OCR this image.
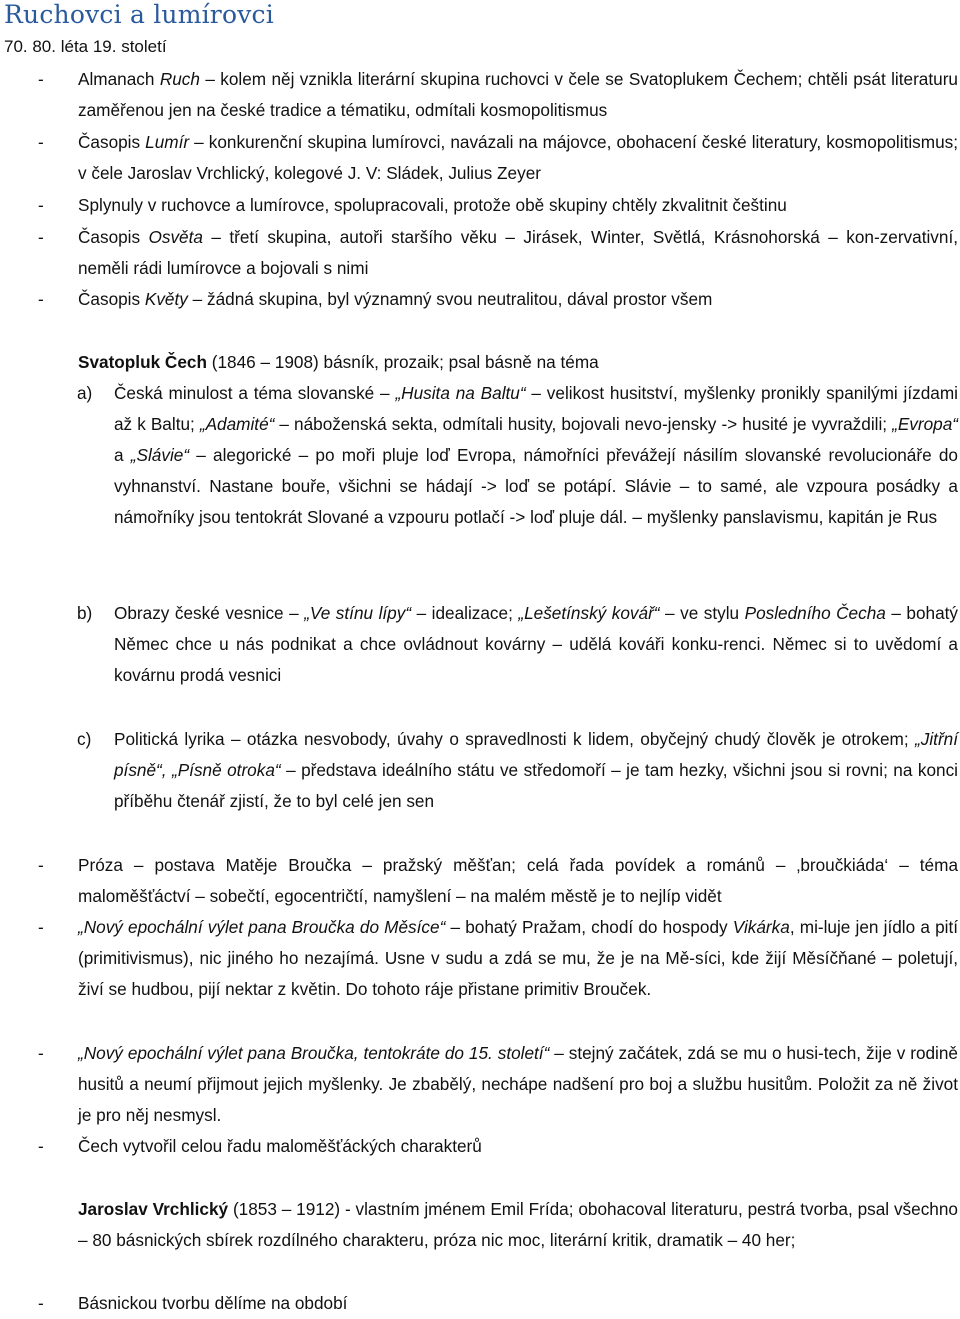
Ruchovci a lumírovci
70. 80. léta 19. století
- Almanach Ruch – kolem něj vznikla literární skupina ruchovci v čele se Svatoplukem Čechem; chtěli psát literaturu zaměřenou jen na české tradice a tématiku, odmítali kosmopolitismus
- Časopis Lumír – konkurenční skupina lumírovci, navázali na májovce, obohacení české literatury, kosmopolitismus; v čele Jaroslav Vrchlický, kolegové J. V: Sládek, Julius Zeyer
- Splynuly v ruchovce a lumírovce, spolupracovali, protože obě skupiny chtěly zkvalitnit češtinu
- Časopis Osvěta – třetí skupina, autoři staršího věku – Jirásek, Winter, Světlá, Krásnohorská – kon-zervativní, neměli rádi lumírovce a bojovali s nimi
- Časopis Květy – žádná skupina, byl významný svou neutralitou, dával prostor všem
Svatopluk Čech (1846 – 1908) básník, prozaik; psal básně na téma
a) Česká minulost a téma slovanské – „Husita na Baltu“ – velikost husitství, myšlenky pronikly spanilými jízdami až k Baltu; „Adamité“ – náboženská sekta, odmítali husity, bojovali nevo-jensky -> husité je vyvraždili; „Evropa“ a „Slávie“ – alegorické – po moři pluje loď Evropa, námořníci převážejí násilím slovanské revolucionáře do vyhnanství. Nastane bouře, všichni se hádají -> loď se potápí. Slávie – to samé, ale vzpoura posádky a námořníky jsou tentokrát Slované a vzpouru potlačí -> loď pluje dál. – myšlenky panslavismu, kapitán je Rus
b) Obrazy české vesnice – „Ve stínu lípy“ – idealizace; „Lešetínský kovář“ – ve stylu Posledního Čecha – bohatý Němec chce u nás podnikat a chce ovládnout kovárny – udělá kováři konku-renci. Němec si to uvědomí a kovárnu prodá vesnici
c) Politická lyrika – otázka nesvobody, úvahy o spravedlnosti k lidem, obyčejný chudý člověk je otrokem; „Jitřní písně“, „Písně otroka“ – představa ideálního státu ve středomoří – je tam hezky, všichni jsou si rovni; na konci příběhu čtenář zjistí, že to byl celé jen sen
- Próza – postava Matěje Broučka – pražský měšťan; celá řada povídek a románů – ‚broučkiáda‘ – téma maloměšťáctví – sobečtí, egocentričtí, namyšlení – na malém městě je to nejlíp vidět
- „Nový epochální výlet pana Broučka do Měsíce“ – bohatý Pražam, chodí do hospody Vikárka, mi-luje jen jídlo a pití (primitivismus), nic jiného ho nezajímá. Usne v sudu a zdá se mu, že je na Mě-síci, kde žijí Měsíčňané – poletují, živí se hudbou, pijí nektar z květin. Do tohoto ráje přistane primitiv Brouček.
- „Nový epochální výlet pana Broučka, tentokráte do 15. století“ – stejný začátek, zdá se mu o husi-tech, žije v rodině husitů a neumí přijmout jejich myšlenky. Je zbabělý, nechápe nadšení pro boj a službu husitům. Položit za ně život je pro něj nesmysl.
- Čech vytvořil celou řadu maloměšťáckých charakterů
Jaroslav Vrchlický (1853 – 1912) - vlastním jménem Emil Frída; obohacoval literaturu, pestrá tvorba, psal všechno – 80 básnických sbírek rozdílného charakteru, próza nic moc, literární kritik, dramatik – 40 her;
- Básnickou tvorbu dělíme na období
